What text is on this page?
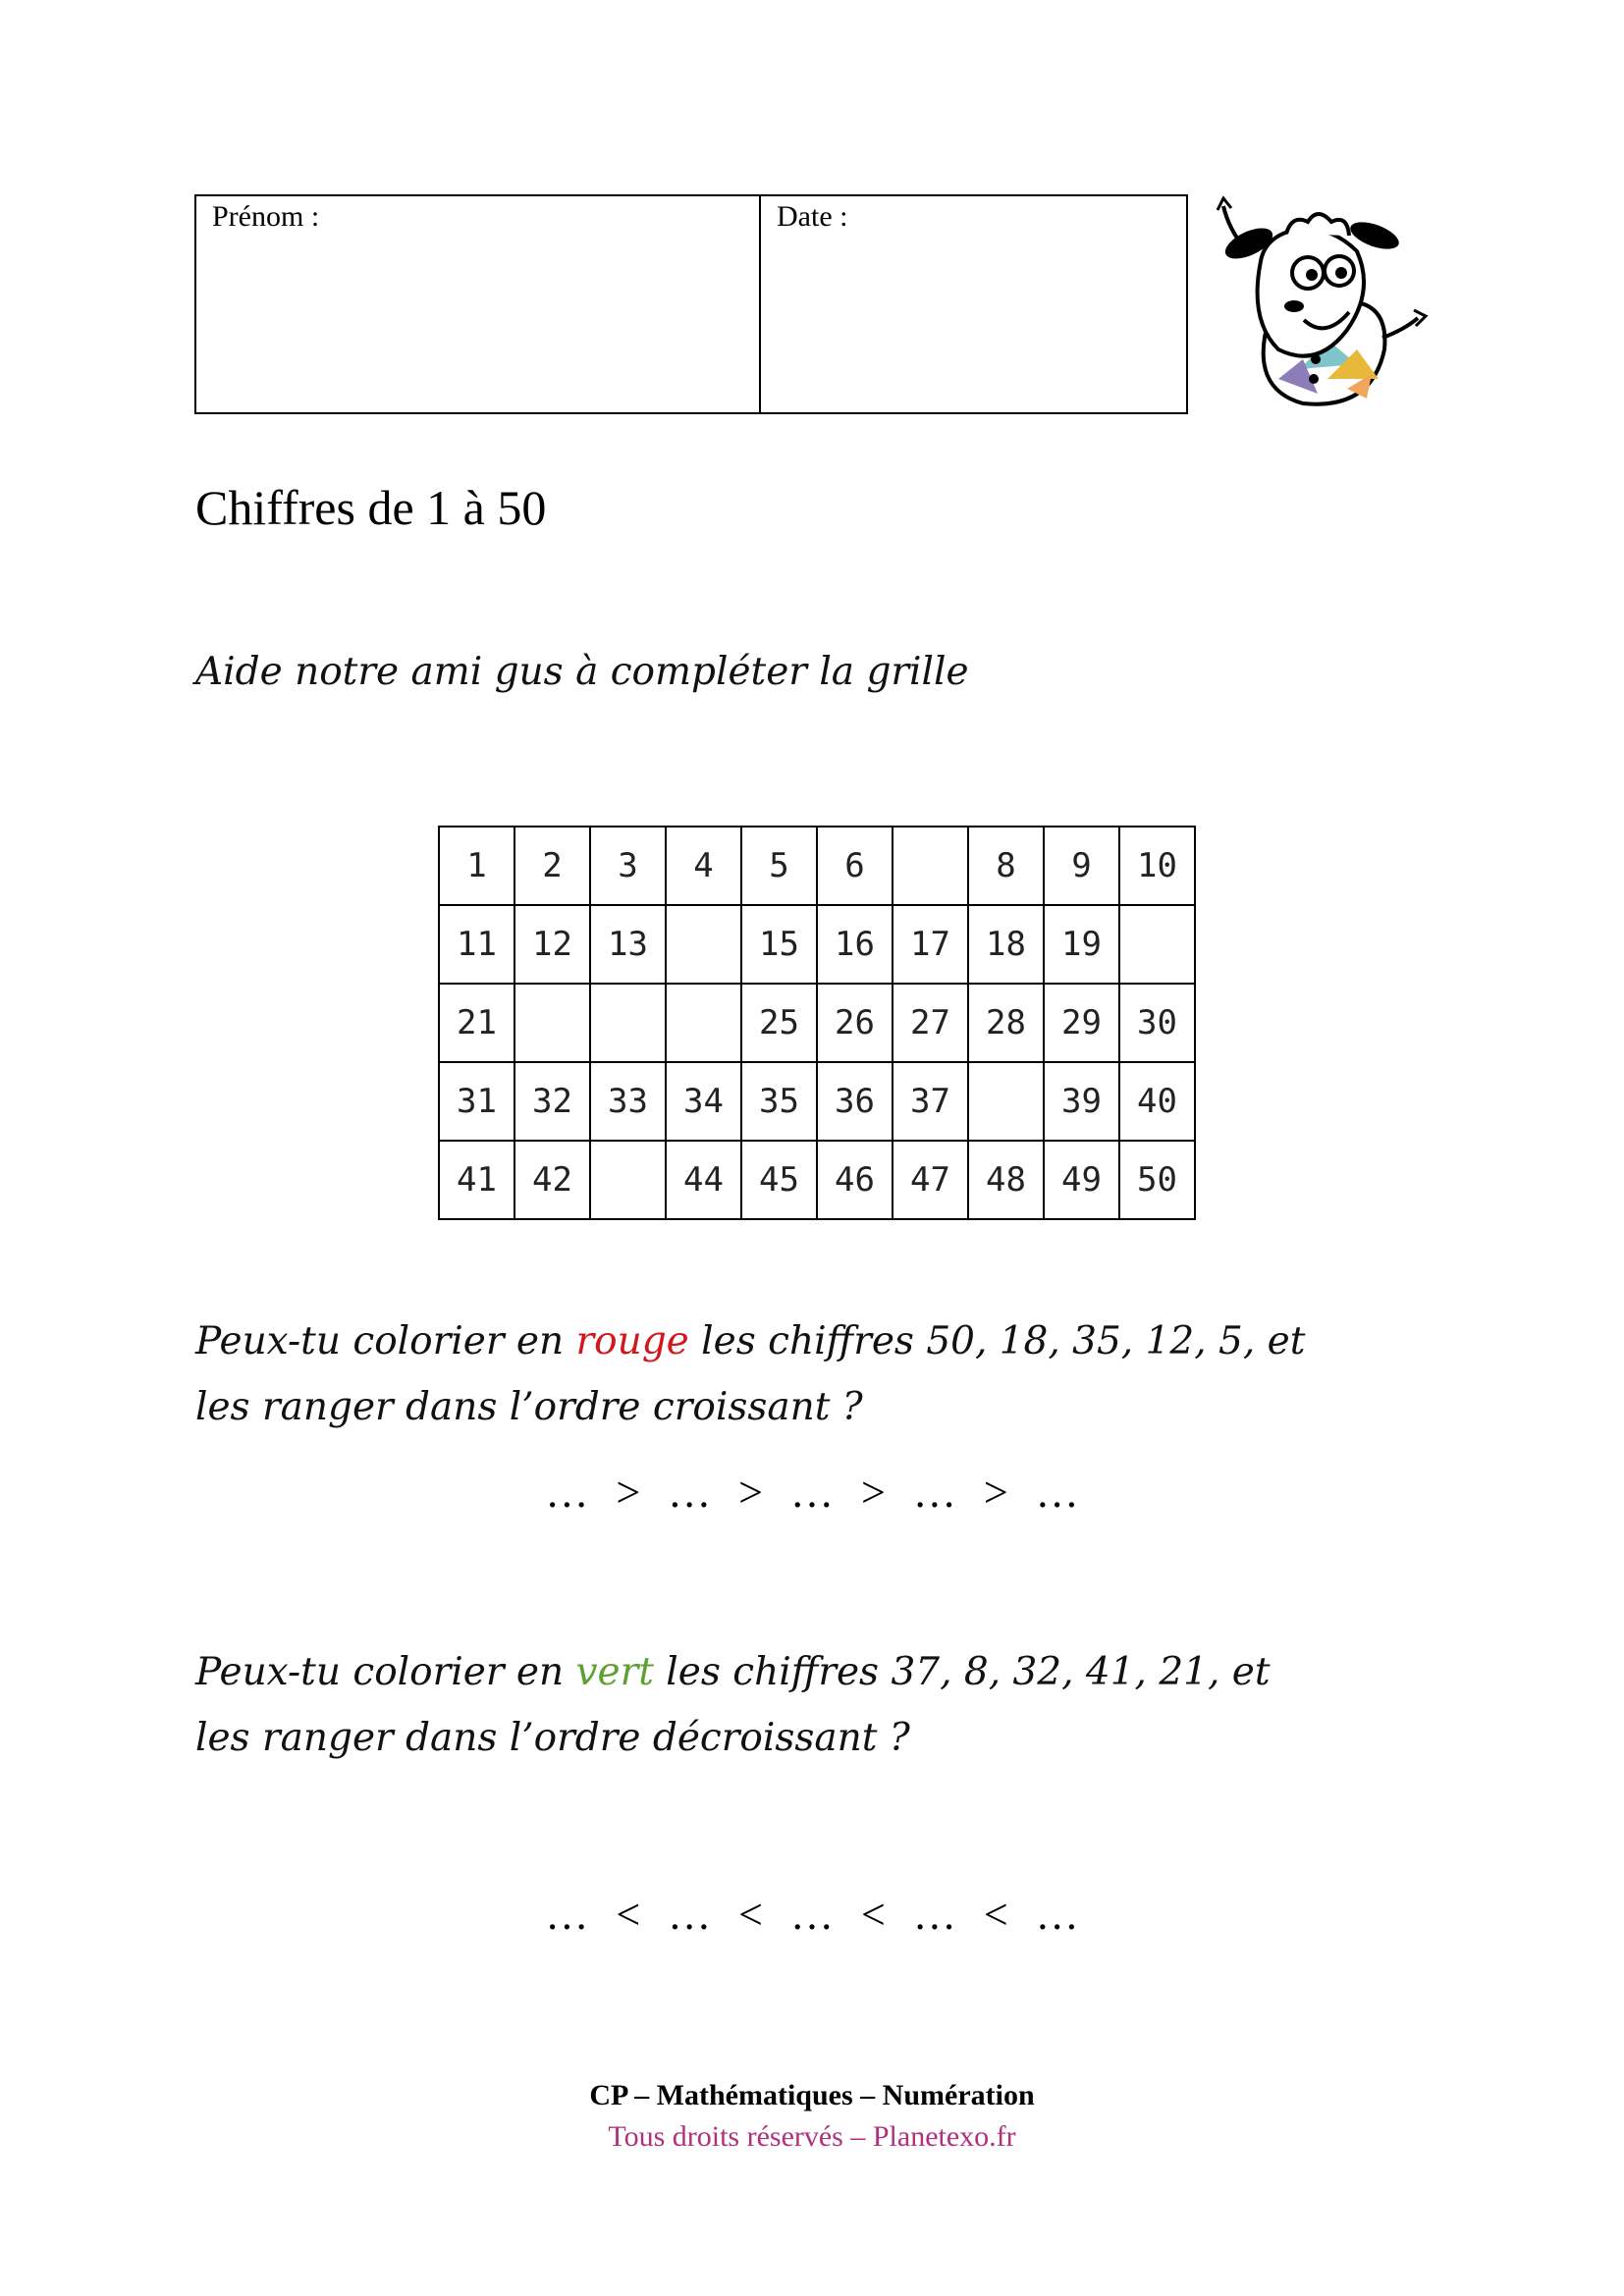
Prénom :	Date :
Chiffres de 1 à 50
Aide notre ami gus à compléter la grille
1	2	3	4	5	6		8	9	10
11	12	13		15	16	17	18	19	
21				25	26	27	28	29	30
31	32	33	34	35	36	37		39	40
41	42		44	45	46	47	48	49	50
Peux-tu colorier en rouge les chiffres 50, 18, 35, 12, 5, et
les ranger dans l’ordre croissant ?
… > … > … > … > …
Peux-tu colorier en vert les chiffres 37, 8, 32, 41, 21, et
les ranger dans l’ordre décroissant ?
… < … < … < … < …
CP – Mathématiques – Numération
Tous droits réservés – Planetexo.fr
